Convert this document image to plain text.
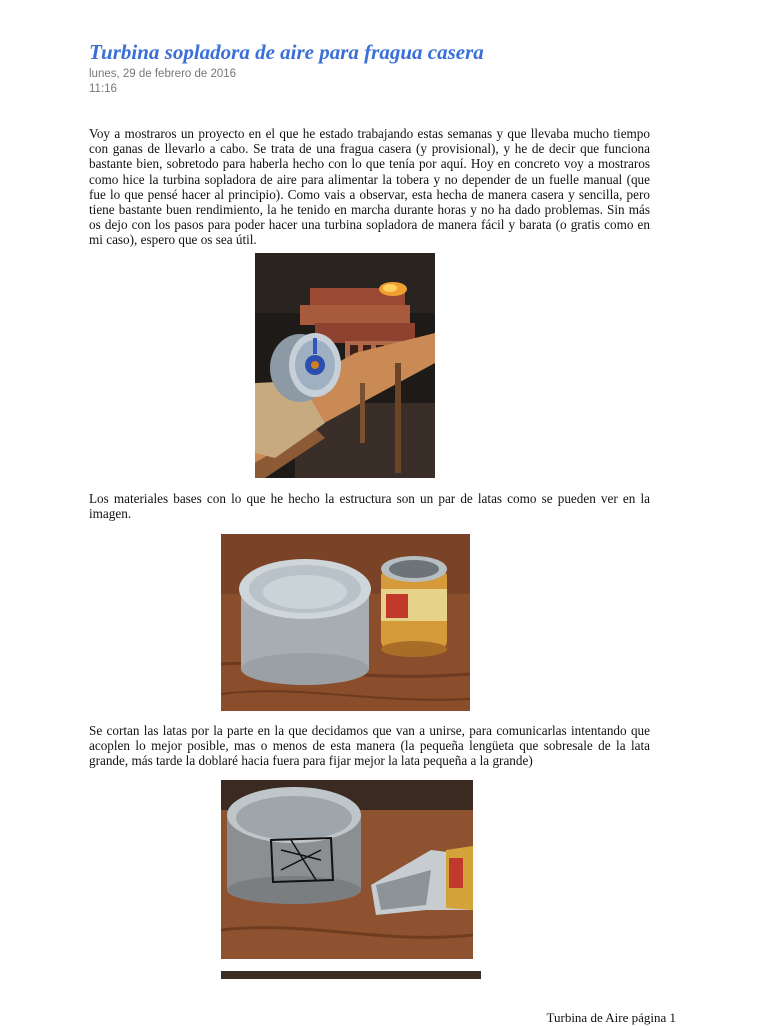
Turbina sopladora de aire para fragua casera
lunes, 29 de febrero de 2016
11:16

Voy a mostraros un proyecto en el que he estado trabajando estas semanas y que llevaba mucho tiempo con ganas de llevarlo a cabo. Se trata de una fragua casera (y provisional), y he de decir que funciona bastante bien, sobretodo para haberla hecho con lo que tenía por aquí. Hoy en concreto voy a mostraros como hice la turbina sopladora de aire para alimentar la tobera y no depender de un fuelle manual (que fue lo que pensé hacer al principio). Como vais a observar, esta hecha de manera casera y sencilla, pero tiene bastante buen rendimiento, la he tenido en marcha durante horas y no ha dado problemas. Sin más os dejo con los pasos para poder hacer una turbina sopladora de manera fácil y barata (o gratis como en mi caso), espero que os sea útil.

Los materiales bases con lo que he hecho la estructura son un par de latas como se pueden ver en la imagen.

Se cortan las latas por la parte en la que decidamos que van a unirse, para comunicarlas intentando que acoplen lo mejor posible, mas o menos de esta manera (la pequeña lengüeta que sobresale de la lata grande, más tarde la doblaré hacia fuera para fijar mejor la lata pequeña a la grande)

Turbina de Aire página 1
